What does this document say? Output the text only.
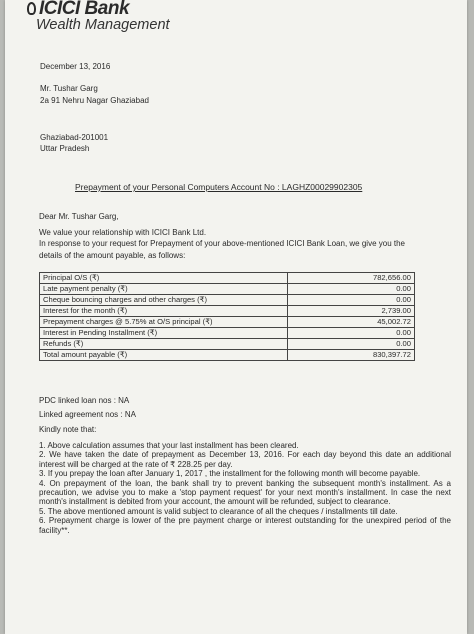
ICICI Bank
Wealth Management
December 13, 2016
Mr. Tushar Garg
2a 91 Nehru Nagar Ghaziabad
Ghaziabad-201001
Uttar Pradesh
Prepayment of your Personal Computers Account No : LAGHZ00029902305
Dear Mr. Tushar Garg,
We value your relationship with ICICI Bank Ltd.
In response to your request for Prepayment of your above-mentioned ICICI Bank Loan, we give you the
details of the amount payable, as follows:
Principal O/S (₹)	782,656.00
Late payment penalty (₹)	0.00
Cheque bouncing charges and other charges (₹)	0.00
Interest for the month (₹)	2,739.00
Prepayment charges @ 5.75% at O/S principal (₹)	45,002.72
Interest in Pending Installment (₹)	0.00
Refunds (₹)	0.00
Total amount payable (₹)	830,397.72
PDC linked loan nos : NA
Linked agreement nos : NA
Kindly note that:

1. Above calculation assumes that your last installment has been cleared.

2. We have taken the date of prepayment as December 13, 2016. For each day beyond this date an additional interest will be charged at the rate of ₹ 228.25 per day.

3. If you prepay the loan after January 1, 2017 , the installment for the following month will become payable.

4. On prepayment of the loan, the bank shall try to prevent banking the subsequent month's installment. As a precaution, we advise you to make a 'stop payment request' for your next month's installment. In case the next month's installment is debited from your account, the amount will be refunded, subject to clearance.

5. The above mentioned amount is valid subject to clearance of all the cheques / installments till date.

6. Prepayment charge is lower of the pre payment charge or interest outstanding for the unexpired period of the facility**.
